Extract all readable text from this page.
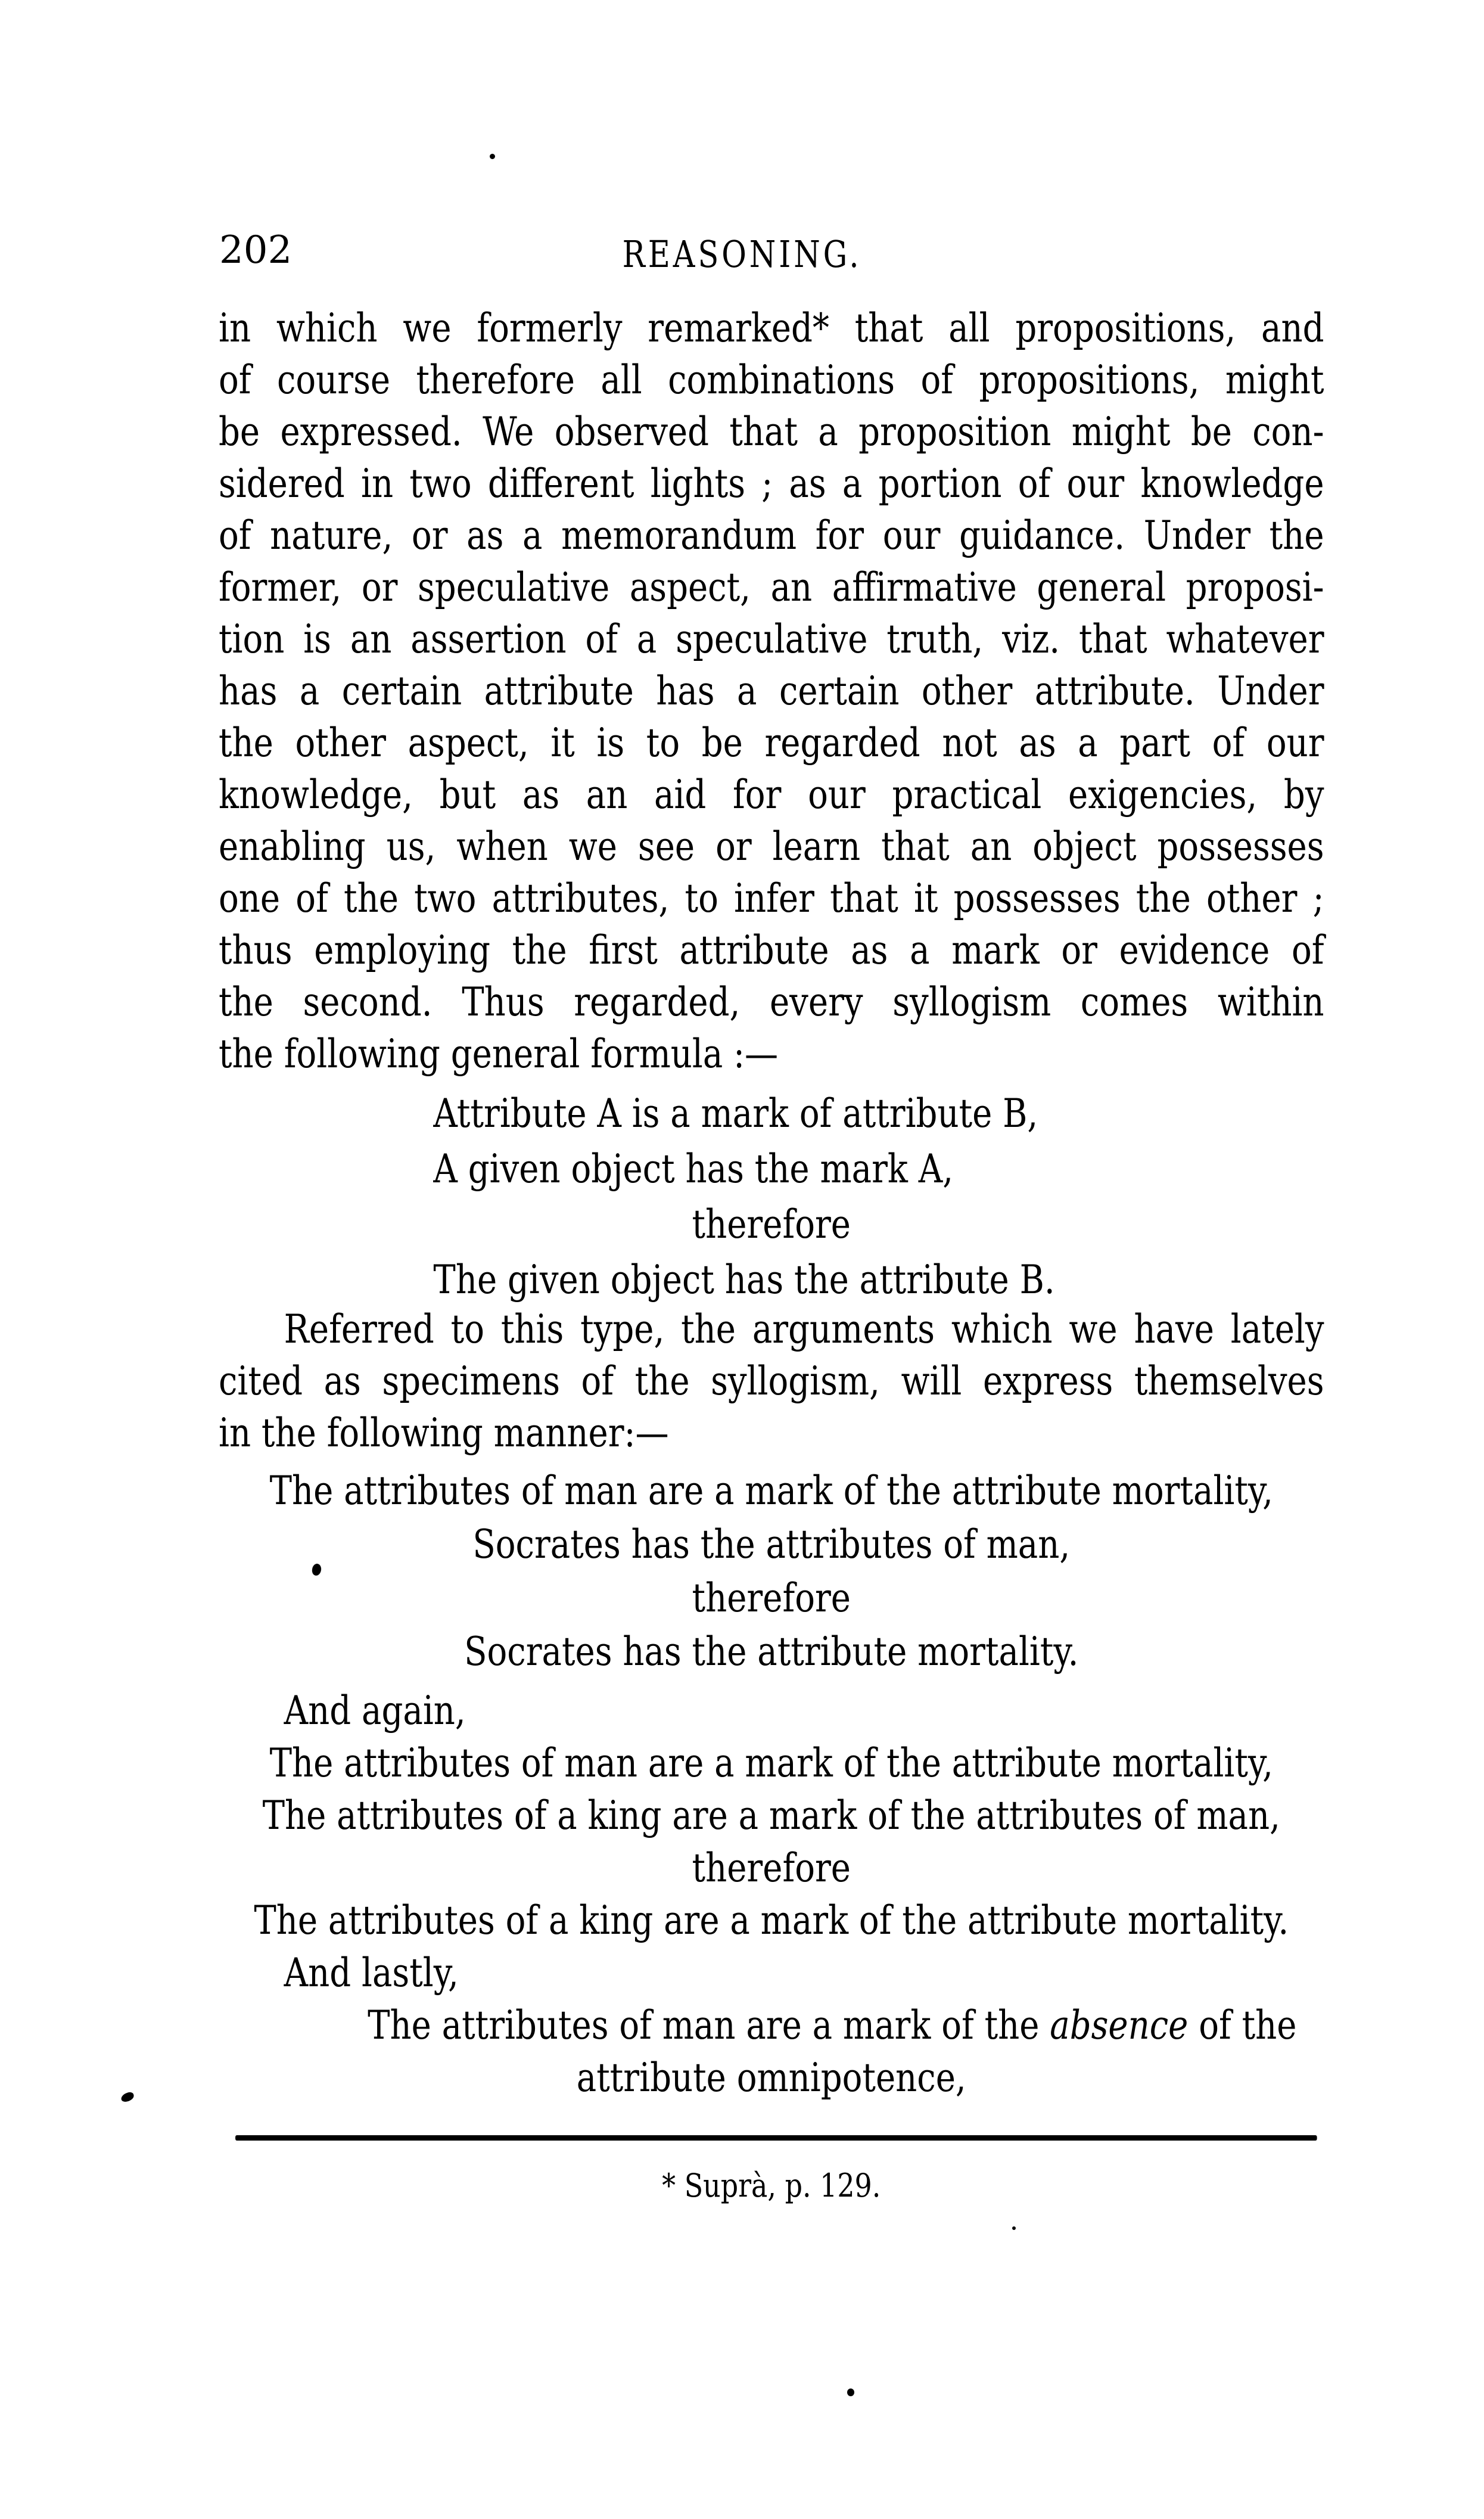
202	REASONING.
in which we formerly remarked* that all propositions, and
of course therefore all combinations of propositions, might
be expressed. We observed that a proposition might be con-
sidered in two different lights ; as a portion of our knowledge
of nature, or as a memorandum for our guidance. Under the
former, or speculative aspect, an affirmative general proposi-
tion is an assertion of a speculative truth, viz. that whatever
has a certain attribute has a certain other attribute. Under
the other aspect, it is to be regarded not as a part of our
knowledge, but as an aid for our practical exigencies, by
enabling us, when we see or learn that an object possesses
one of the two attributes, to infer that it possesses the other ;
thus employing the first attribute as a mark or evidence of
the second. Thus regarded, every syllogism comes within
the following general formula :—
Attribute A is a mark of attribute B,
A given object has the mark A,
therefore
The given object has the attribute B.
Referred to this type, the arguments which we have lately
cited as specimens of the syllogism, will express themselves
in the following manner:—
The attributes of man are a mark of the attribute mortality,
Socrates has the attributes of man,
therefore
Socrates has the attribute mortality.
And again,
The attributes of man are a mark of the attribute mortality,
The attributes of a king are a mark of the attributes of man,
therefore
The attributes of a king are a mark of the attribute mortality.
And lastly,
The attributes of man are a mark of the absence of the
attribute omnipotence,
* Suprà, p. 129.
